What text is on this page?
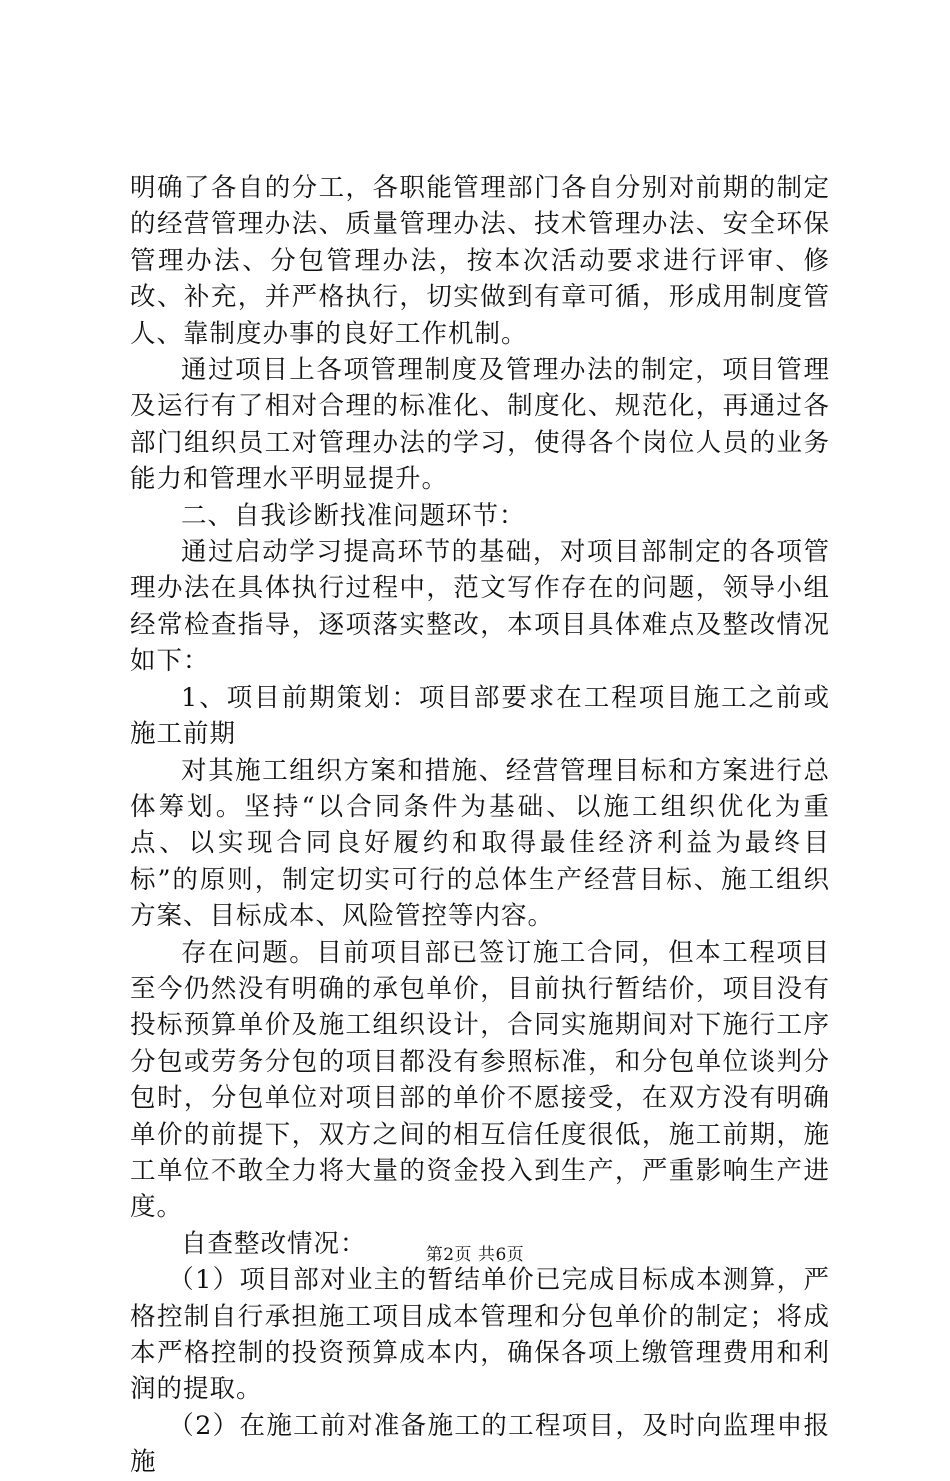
明确了各自的分工，各职能管理部门各自分别对前期的制定的经营管理办法、质量管理办法、技术管理办法、安全环保管理办法、分包管理办法，按本次活动要求进行评审、修改、补充，并严格执行，切实做到有章可循，形成用制度管人、靠制度办事的良好工作机制。

通过项目上各项管理制度及管理办法的制定，项目管理及运行有了相对合理的标准化、制度化、规范化，再通过各部门组织员工对管理办法的学习，使得各个岗位人员的业务能力和管理水平明显提升。

二、自我诊断找准问题环节：

通过启动学习提高环节的基础，对项目部制定的各项管理办法在具体执行过程中，范文写作存在的问题，领导小组经常检查指导，逐项落实整改，本项目具体难点及整改情况如下：

1、项目前期策划：项目部要求在工程项目施工之前或施工前期

对其施工组织方案和措施、经营管理目标和方案进行总体筹划。坚持“以合同条件为基础、以施工组织优化为重点、以实现合同良好履约和取得最佳经济利益为最终目标”的原则，制定切实可行的总体生产经营目标、施工组织方案、目标成本、风险管控等内容。

存在问题。目前项目部已签订施工合同，但本工程项目至今仍然没有明确的承包单价，目前执行暂结价，项目没有投标预算单价及施工组织设计，合同实施期间对下施行工序分包或劳务分包的项目都没有参照标准，和分包单位谈判分包时，分包单位对项目部的单价不愿接受，在双方没有明确单价的前提下，双方之间的相互信任度很低，施工前期，施工单位不敢全力将大量的资金投入到生产，严重影响生产进度。

自查整改情况：

（1）项目部对业主的暂结单价已完成目标成本测算，严格控制自行承担施工项目成本管理和分包单价的制定；将成本严格控制的投资预算成本内，确保各项上缴管理费用和利润的提取。

（2）在施工前对准备施工的工程项目，及时向监理申报施

第2页 共6页
